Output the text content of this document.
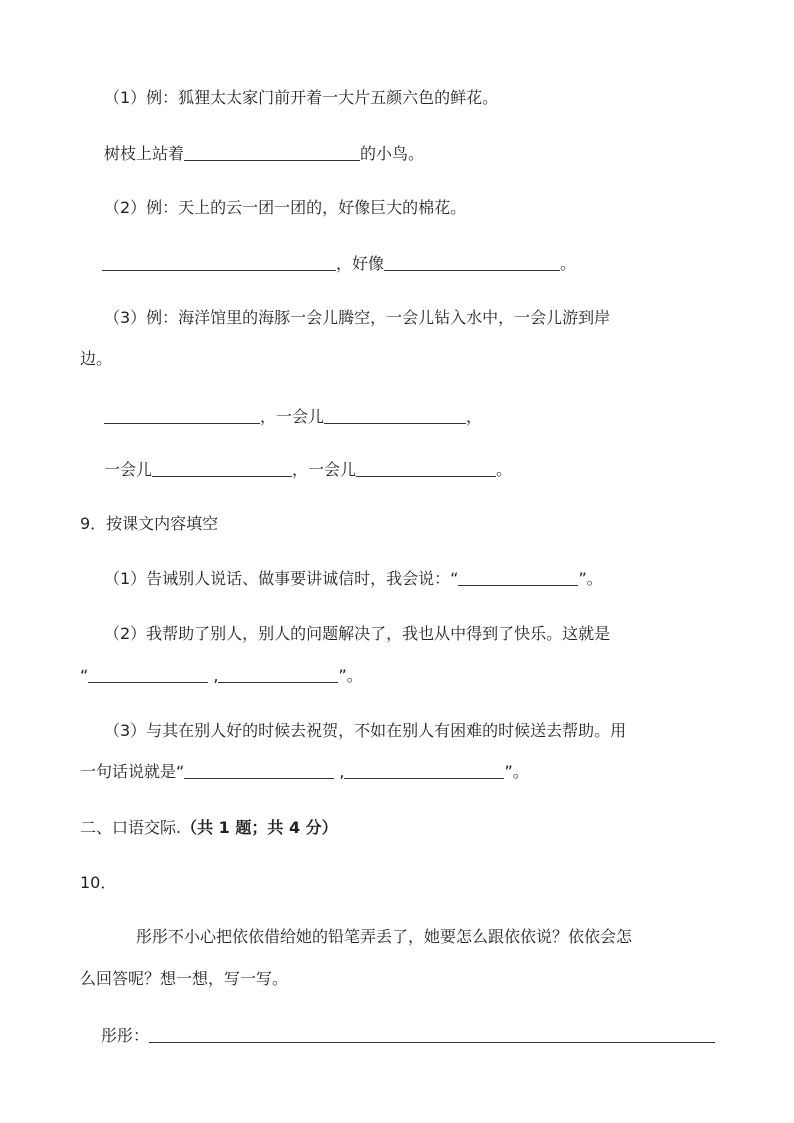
（1）例：狐狸太太家门前开着一大片五颜六色的鲜花。
树枝上站着	的小鸟。
（2）例：天上的云一团一团的，好像巨大的棉花。
，好像	。
（3）例：海洋馆里的海豚一会儿腾空，一会儿钻入水中，一会儿游到岸
边。
，一会儿	，
一会儿	，一会儿	。
9．按课文内容填空
（1）告诫别人说话、做事要讲诚信时，我会说：“	”。
（2）我帮助了别人，别人的问题解决了，我也从中得到了快乐。这就是
“	,	”。
（3）与其在别人好的时候去祝贺，不如在别人有困难的时候送去帮助。用
一句话说就是“	,	”。
二、口语交际.（共 1 题；共 4 分）
10．
彤彤不小心把依依借给她的铅笔弄丢了，她要怎么跟依依说？依依会怎
么回答呢？想一想，写一写。
彤彤：
